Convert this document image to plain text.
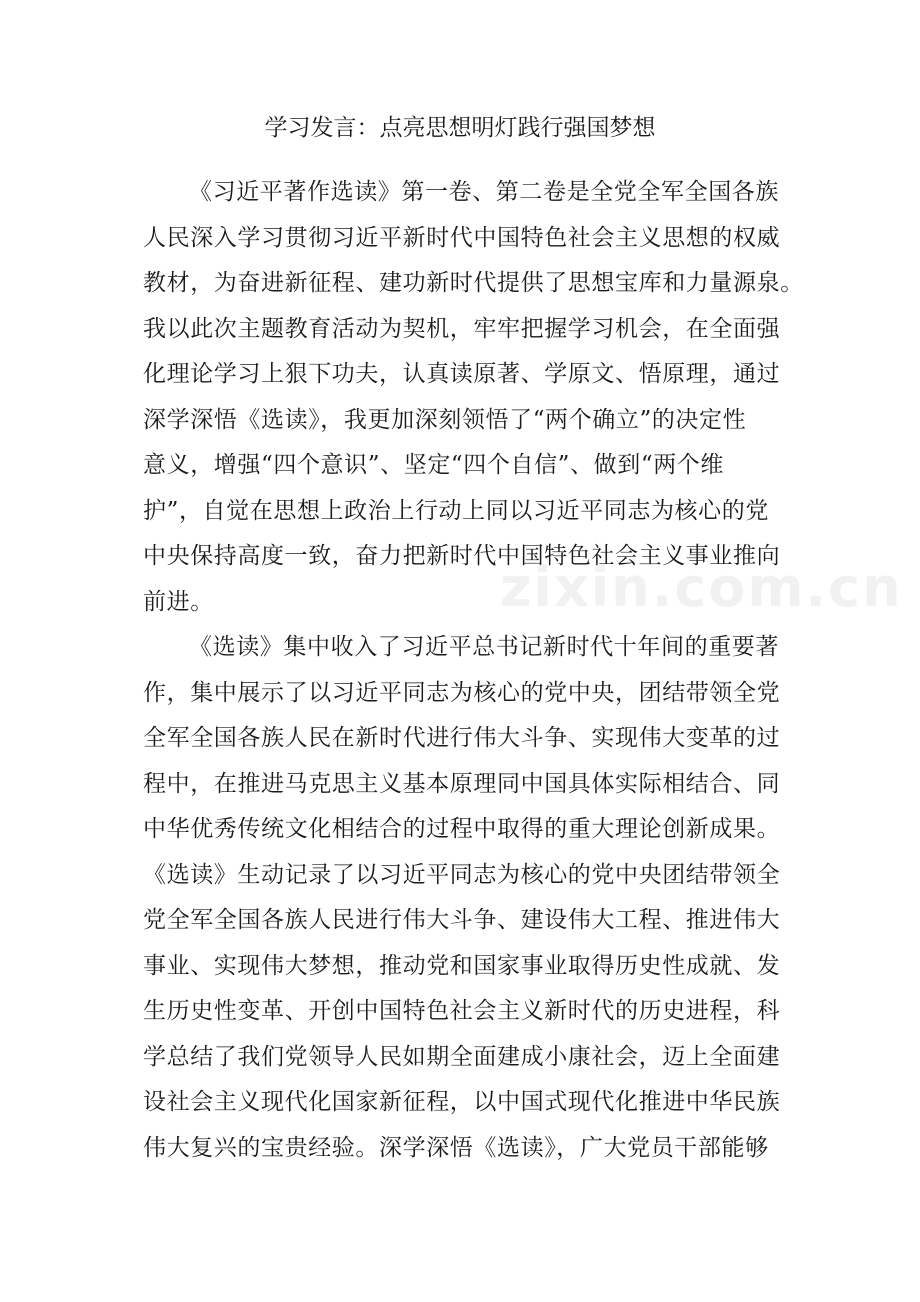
学习发言：点亮思想明灯践行强国梦想
《习近平著作选读》第一卷、第二卷是全党全军全国各族
人民深入学习贯彻习近平新时代中国特色社会主义思想的权威
教材，为奋进新征程、建功新时代提供了思想宝库和力量源泉。
我以此次主题教育活动为契机，牢牢把握学习机会，在全面强
化理论学习上狠下功夫，认真读原著、学原文、悟原理，通过
深学深悟《选读》，我更加深刻领悟了“两个确立”的决定性
意义，增强“四个意识”、坚定“四个自信”、做到“两个维
护”，自觉在思想上政治上行动上同以习近平同志为核心的党
中央保持高度一致，奋力把新时代中国特色社会主义事业推向
前进。
《选读》集中收入了习近平总书记新时代十年间的重要著
作，集中展示了以习近平同志为核心的党中央，团结带领全党
全军全国各族人民在新时代进行伟大斗争、实现伟大变革的过
程中，在推进马克思主义基本原理同中国具体实际相结合、同
中华优秀传统文化相结合的过程中取得的重大理论创新成果。
《选读》生动记录了以习近平同志为核心的党中央团结带领全
党全军全国各族人民进行伟大斗争、建设伟大工程、推进伟大
事业、实现伟大梦想，推动党和国家事业取得历史性成就、发
生历史性变革、开创中国特色社会主义新时代的历史进程，科
学总结了我们党领导人民如期全面建成小康社会，迈上全面建
设社会主义现代化国家新征程，以中国式现代化推进中华民族
伟大复兴的宝贵经验。深学深悟《选读》，广大党员干部能够
zixin.com.cn
